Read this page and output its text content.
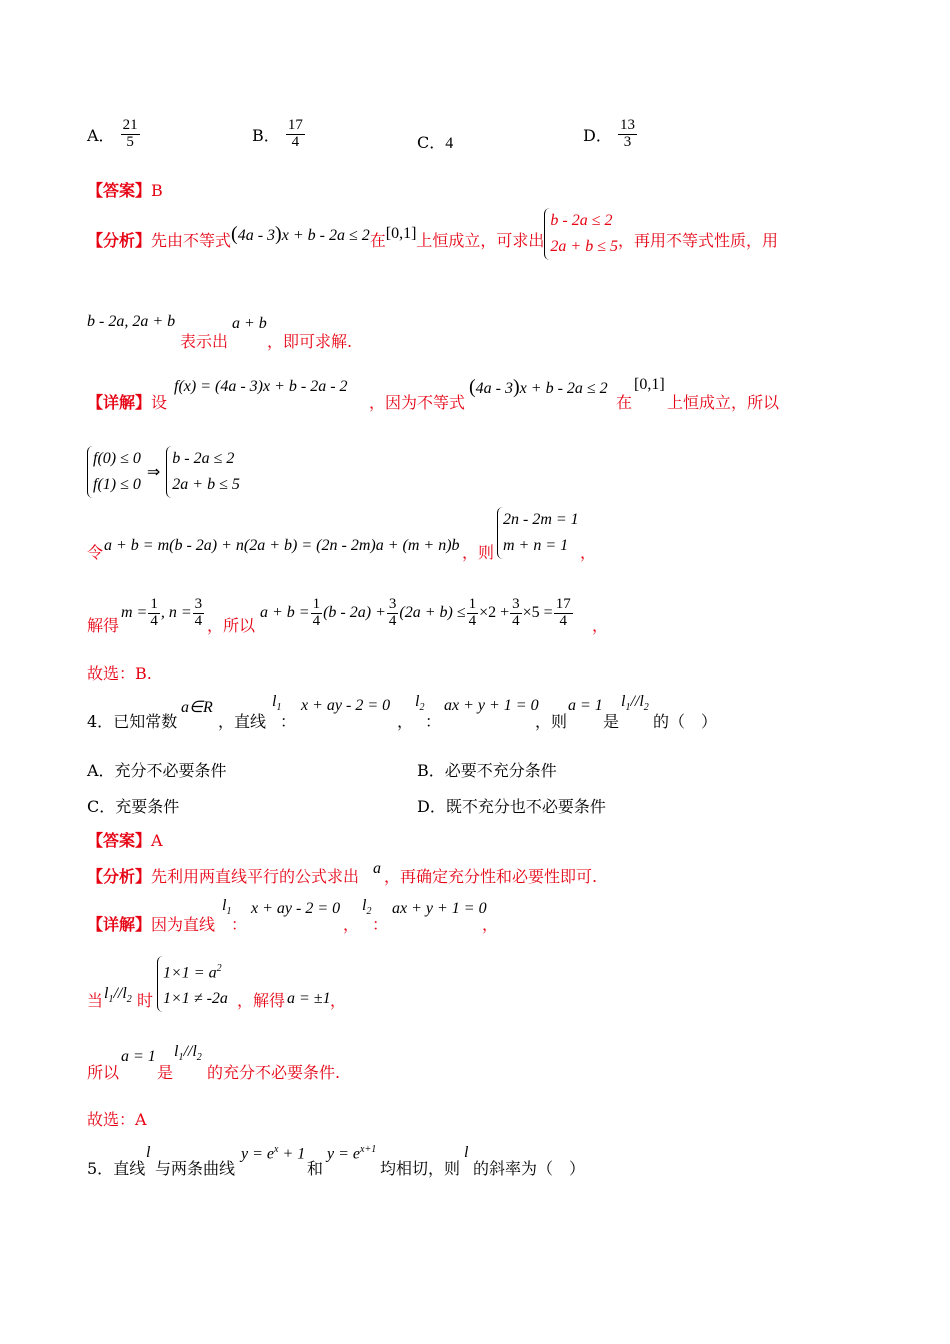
A． $\frac{21}{5}$	B． $\frac{17}{4}$	C．4	D． $\frac{13}{3}$
【答案】B
【分析】 先由不等式 (4a - 3)x + b - 2a ≤ 2 在 [0,1] 上恒成立，可求出
b - 2a ≤ 2
2a + b ≤ 5 ，再用不等式性质，用
b - 2a, 2a + b
表示出
a + b
，即可求解.
【详解】设
f(x) = (4a - 3)x + b - 2a - 2
，因为不等式
(4a - 3)x + b - 2a ≤ 2
在
[0,1]
上恒成立，所以
f(0) ≤ 0
f(1) ≤ 0
⇒
b - 2a ≤ 2
2a + b ≤ 5
令 a + b = m(b - 2a) + n(2a + b) = (2n - 2m)a + (m + n)b ，则
2n - 2m = 1
m + n = 1 ，
解得
$m = \frac{1}{4}$ , $n = \frac{3}{4}$ ，所以
$a + b = \frac{1}{4} (b - 2a) + \frac{3}{4} (2a + b) \le \frac{1}{4} \times 2 + \frac{3}{4} \times 5 = \frac{17}{4}$ ，
故选：B.
4．已知常数
a∈R
，直线
$l_1$
：
x + ay - 2 = 0
，
$l_2$
：
ax + y + 1 = 0
，则
a = 1
是
$l_1//l_2$
的（　）
A．充分不必要条件	B．必要不充分条件
C．充要条件	D．既不充分也不必要条件
【答案】A
【分析】先利用两直线平行的公式求出 a ，再确定充分性和必要性即可.
【详解】因为直线
$l_1$
：
x + ay - 2 = 0
，
$l_2$
：
ax + y + 1 = 0
，
当 $l_1//l_2$ 时
$1\times 1 = a^2$
1×1 ≠ -2a ，解得 a = ±1 ，
所以
a = 1
是
$l_1//l_2$
的充分不必要条件.
故选：A
5．直线
l
与两条曲线
$y = e^x + 1$
和
$y = e^{x+1}$
均相切，则
l
的斜率为（　）
